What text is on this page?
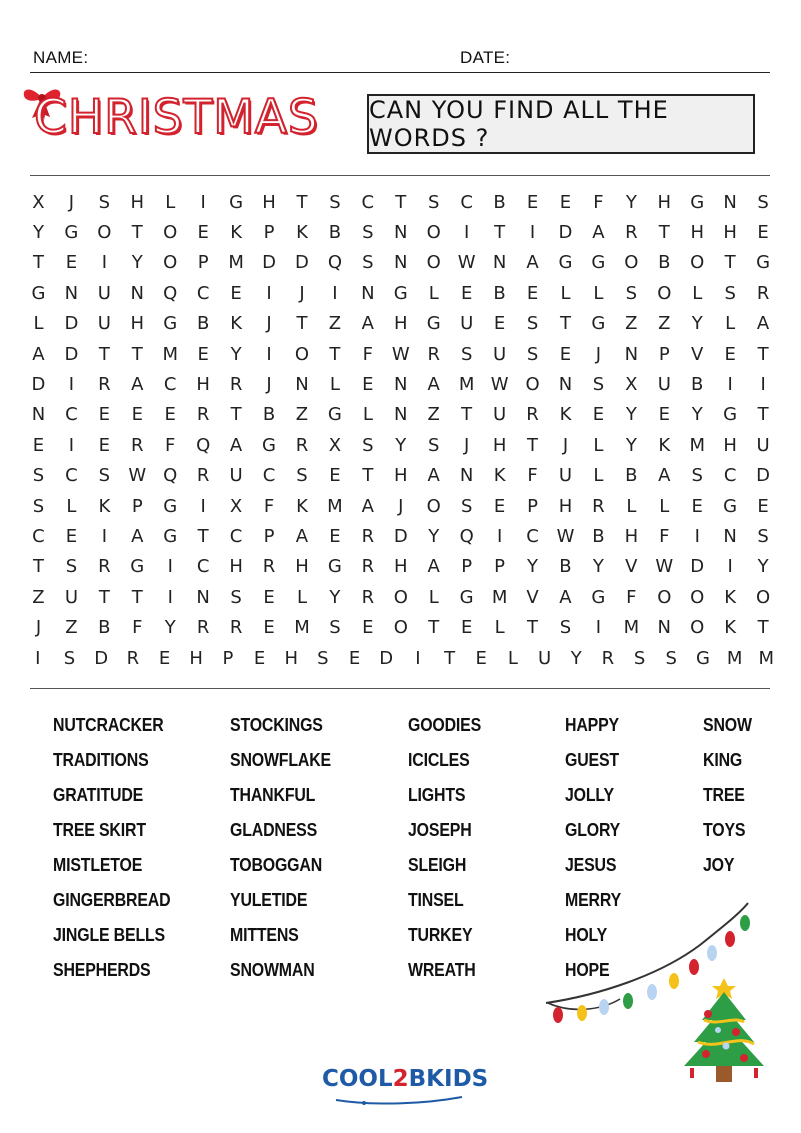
NAME:	DATE:
CHRISTMAS CAN YOU FIND ALL THE WORDS ?
X	J	S	H	L	I	G	H	T	S	C	T	S	C	B	E	E	F	Y	H	G	N	S
Y	G	O	T	O	E	K	P	K	B	S	N	O	I	T	I	D	A	R	T	H	H	E
T	E	I	Y	O	P	M	D	D	Q	S	N	O W N	A	G	G	O	B	O	T	G
G	N	U	N	Q	C	E	I	J	I	N	G	L	E	B	E	L	L	S	O	L	S	R
L	D	U	H	G	B	K	J	T	Z	A	H	G	U	E	S	T	G	Z	Z	Y	L	A
A	D	T	T	M	E	Y	I	O	T	F	W R	S	U	S	E	J	N	P	V	E	T
D	I	R	A	C	H	R	J	N	L	E	N	A	M W O	N	S	X	U	B	I	I
N	C	E	E	E	R	T	B	Z	G	L	N	Z	T	U	R	K	E	Y	E	Y	G	T
E	I	E	R	F	Q	A	G	R	X	S	Y	S	J	H	T	J	L	Y	K	M	H	U
S	C	S	W Q	R	U	C	S	E	T	H	A	N	K	F	U	L	B	A	S	C	D
S	L	K	P	G	I	X	F	K	M	A	J	O	S	E	P	H	R	L	L	E	G	E
C	E	I	A	G	T	C	P	A	E	R	D	Y	Q	I	C W B	H	F	I	N	S
T	S	R	G	I	C	H	R	H	G	R	H	A	P	P	Y	B	Y	V W D	I	Y
Z	U	T	T	I	N	S	E	L	Y	R	O	L	G	M	V	A	G	F	O	O	K	O
J	Z	B	F	Y	R	R	E	M	S	E	O	T	E	L	T	S	I	M	N	O	K	T
I	S	D	R	E	H	P	E	H	S	E	D	I	T	E	L	U	Y	R	S	S	G M M
NUTCRACKER
TRADITIONS
GRATITUDE
TREE SKIRT
MISTLETOE
GINGERBREAD
JINGLE BELLS
SHEPHERDS
STOCKINGS
SNOWFLAKE
THANKFUL
GLADNESS
TOBOGGAN
YULETIDE
MITTENS
SNOWMAN
GOODIES
ICICLES
LIGHTS
JOSEPH
SLEIGH
TINSEL
TURKEY
WREATH
HAPPY
GUEST
JOLLY
GLORY
JESUS
MERRY
HOLY
HOPE
SNOW
KING
TREE
TOYS
JOY
COOL2BKIDS
